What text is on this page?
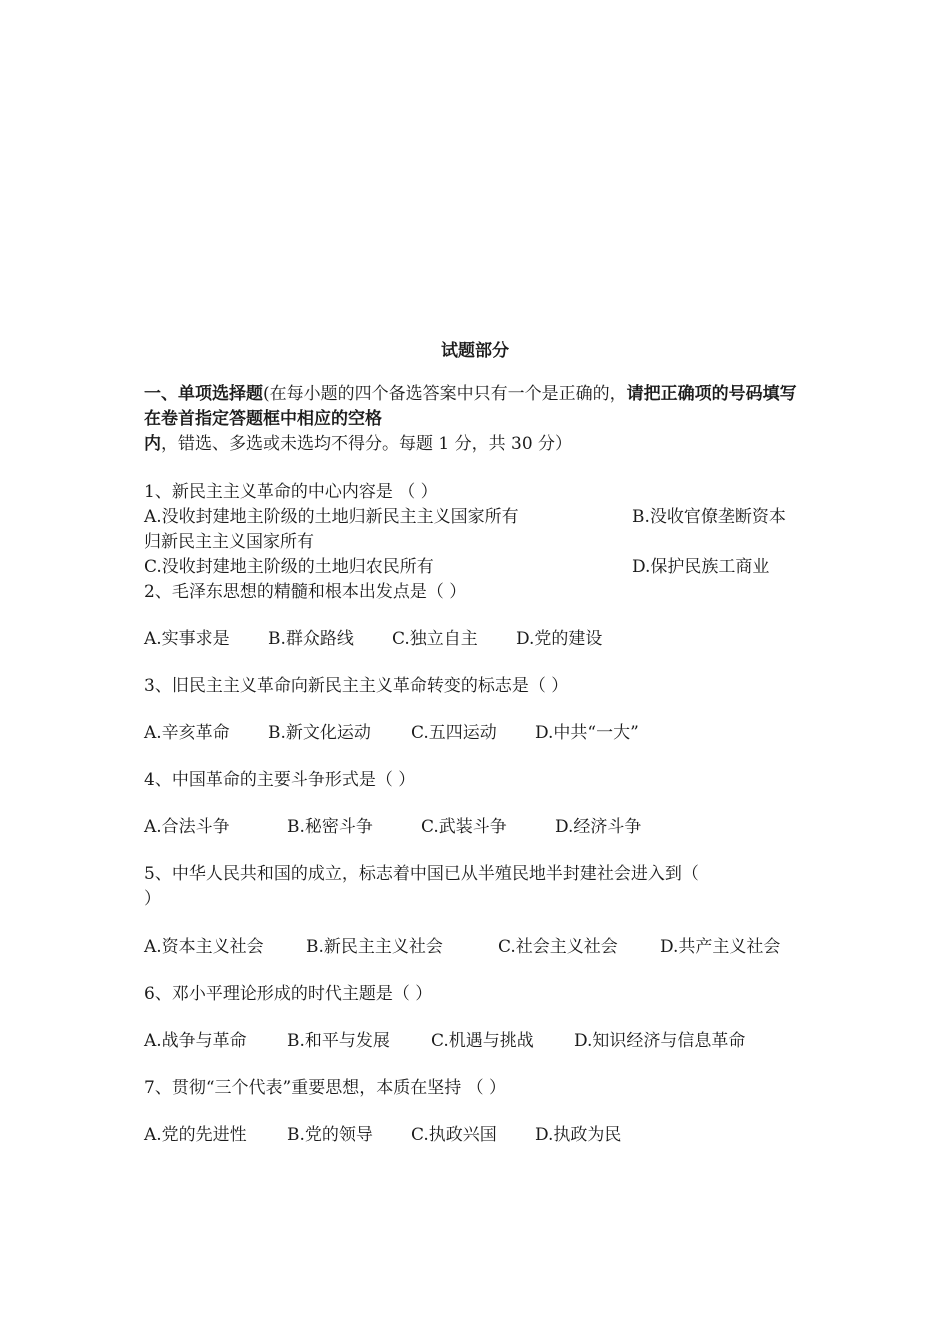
试题部分
一、单项选择题(在每小题的四个备选答案中只有一个是正确的，请把正确项的号码填写在卷首指定答题框中相应的空格内，错选、多选或未选均不得分。每题 1 分，共 30 分）
1、新民主主义革命的中心内容是 （ ）
A.没收封建地主阶级的土地归新民主主义国家所有	B.没收官僚垄断资本
归新民主主义国家所有
C.没收封建地主阶级的土地归农民所有	D.保护民族工商业
2、毛泽东思想的精髓和根本出发点是（ ）
A.实事求是 B.群众路线 C.独立自主 D.党的建设
3、旧民主主义革命向新民主主义革命转变的标志是（ ）
A.辛亥革命 B.新文化运动 C.五四运动 D.中共“一大”
4、中国革命的主要斗争形式是（ ）
A.合法斗争	B.秘密斗争	C.武装斗争	D.经济斗争
5、中华人民共和国的成立，标志着中国已从半殖民地半封建社会进入到（
）
A.资本主义社会 B.新民主主义社会	C.社会主义社会 D.共产主义社会
6、邓小平理论形成的时代主题是（ ）
A.战争与革命 B.和平与发展 C.机遇与挑战 D.知识经济与信息革命
7、贯彻“三个代表”重要思想，本质在坚持 （ ）
A.党的先进性 B.党的领导 C.执政兴国 D.执政为民
